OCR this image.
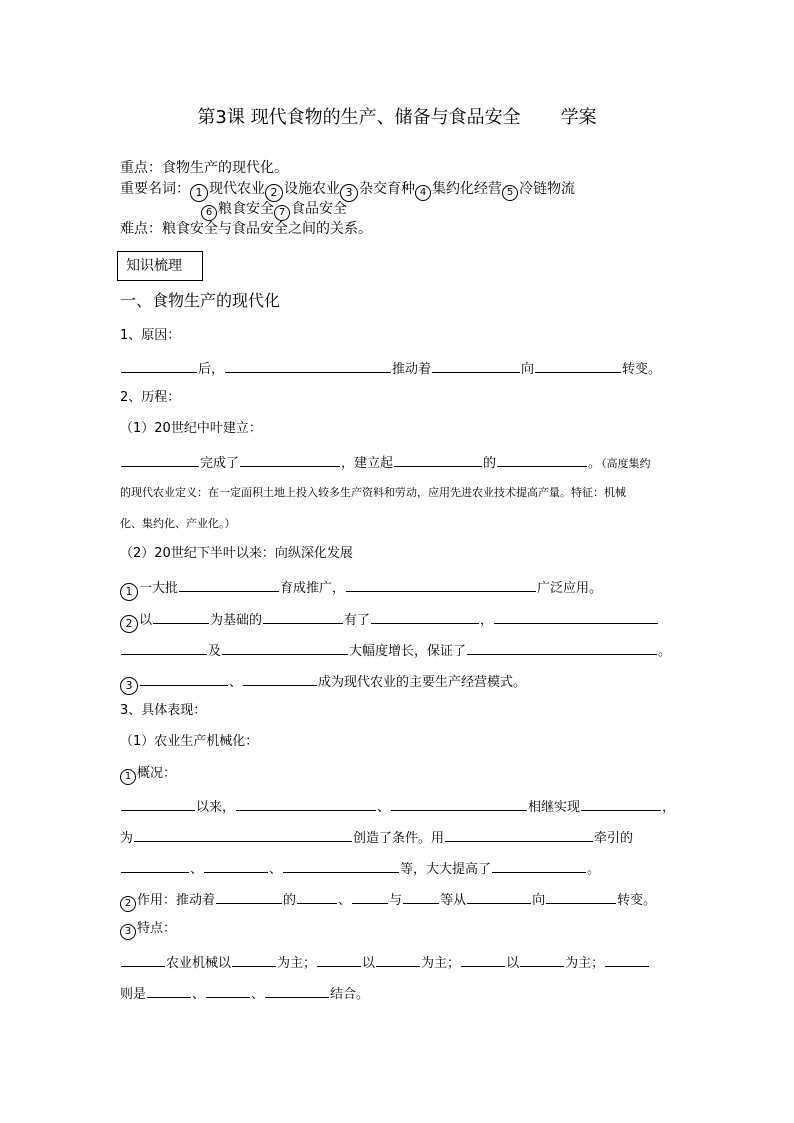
第3课 现代食物的生产、储备与食品安全 学案
重点：食物生产的现代化。
重要名词： 1 现代农业 2 设施农业 3 杂交育种 4 集约化经营 5 冷链物流
6 粮食安全 7 食品安全
难点：粮食安全与食品安全之间的关系。
知识梳理
一、食物生产的现代化
1、原因：
后，	推动着	向	转变。
2、历程：
（1）20世纪中叶建立：
完成了	，建立起	的	。（高度集约
的现代农业定义：在一定面积土地上投入较多生产资料和劳动，应用先进农业技术提高产量。特征：机械
化、集约化、产业化。）
（2）20世纪下半叶以来：向纵深化发展
1 一大批	育成推广，	广泛应用。
2 以	为基础的	有了	，
及	大幅度增长，保证了	。
3	、	成为现代农业的主要生产经营模式。
3、具体表现：
（1）农业生产机械化：
1 概况：
以来，	、	相继实现	，
为	创造了条件。用	牵引的
、	、	等，大大提高了	。
2 作用：推动着	的	、	与	等从	向	转变。
3 特点：
农业机械以	为主；	以	为主；	以	为主；
则是	、	、	结合。
